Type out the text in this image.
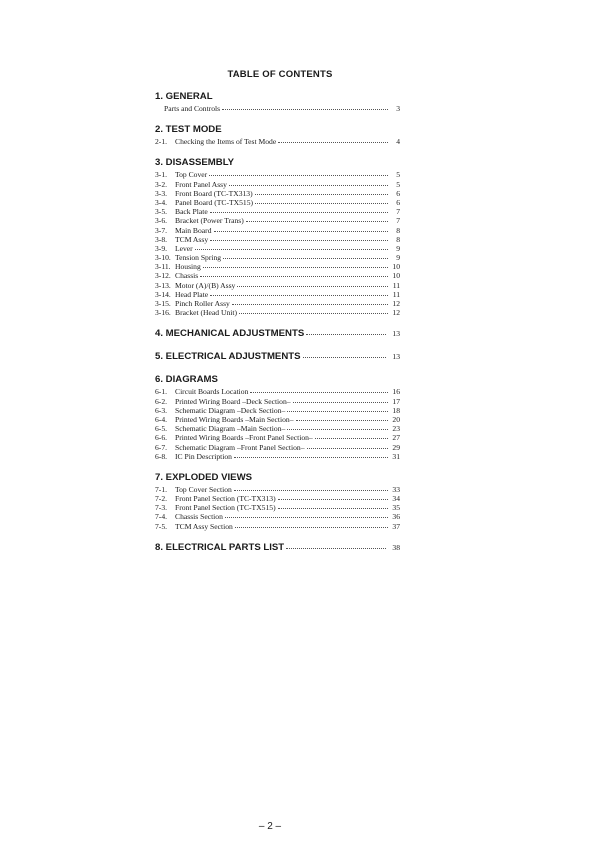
TABLE OF CONTENTS
1. GENERAL
Parts and Controls	3
2. TEST MODE
2-1.	Checking the Items of Test Mode	4
3. DISASSEMBLY
3-1.	Top Cover	5
3-2.	Front Panel Assy	5
3-3.	Front Board (TC-TX313)	6
3-4.	Panel Board (TC-TX515)	6
3-5.	Back Plate	7
3-6.	Bracket (Power Trans)	7
3-7.	Main Board	8
3-8.	TCM Assy	8
3-9.	Lever	9
3-10. Tension Spring	9
3-11. Housing	10
3-12. Chassis	10
3-13. Motor (A)/(B) Assy	11
3-14. Head Plate	11
3-15. Pinch Roller Assy	12
3-16. Bracket (Head Unit)	12
4. MECHANICAL ADJUSTMENTS	13
5. ELECTRICAL ADJUSTMENTS	13
6. DIAGRAMS
6-1.	Circuit Boards Location	16
6-2.	Printed Wiring Board –Deck Section–	17
6-3.	Schematic Diagram –Deck Section–	18
6-4.	Printed Wiring Boards –Main Section–	20
6-5.	Schematic Diagram –Main Section–	23
6-6.	Printed Wiring Boards –Front Panel Section–	27
6-7.	Schematic Diagram –Front Panel Section–	29
6-8.	IC Pin Description	31
7. EXPLODED VIEWS
7-1.	Top Cover Section	33
7-2.	Front Panel Section (TC-TX313)	34
7-3.	Front Panel Section (TC-TX515)	35
7-4.	Chassis Section	36
7-5.	TCM Assy Section	37
8. ELECTRICAL PARTS LIST	38
– 2 –
